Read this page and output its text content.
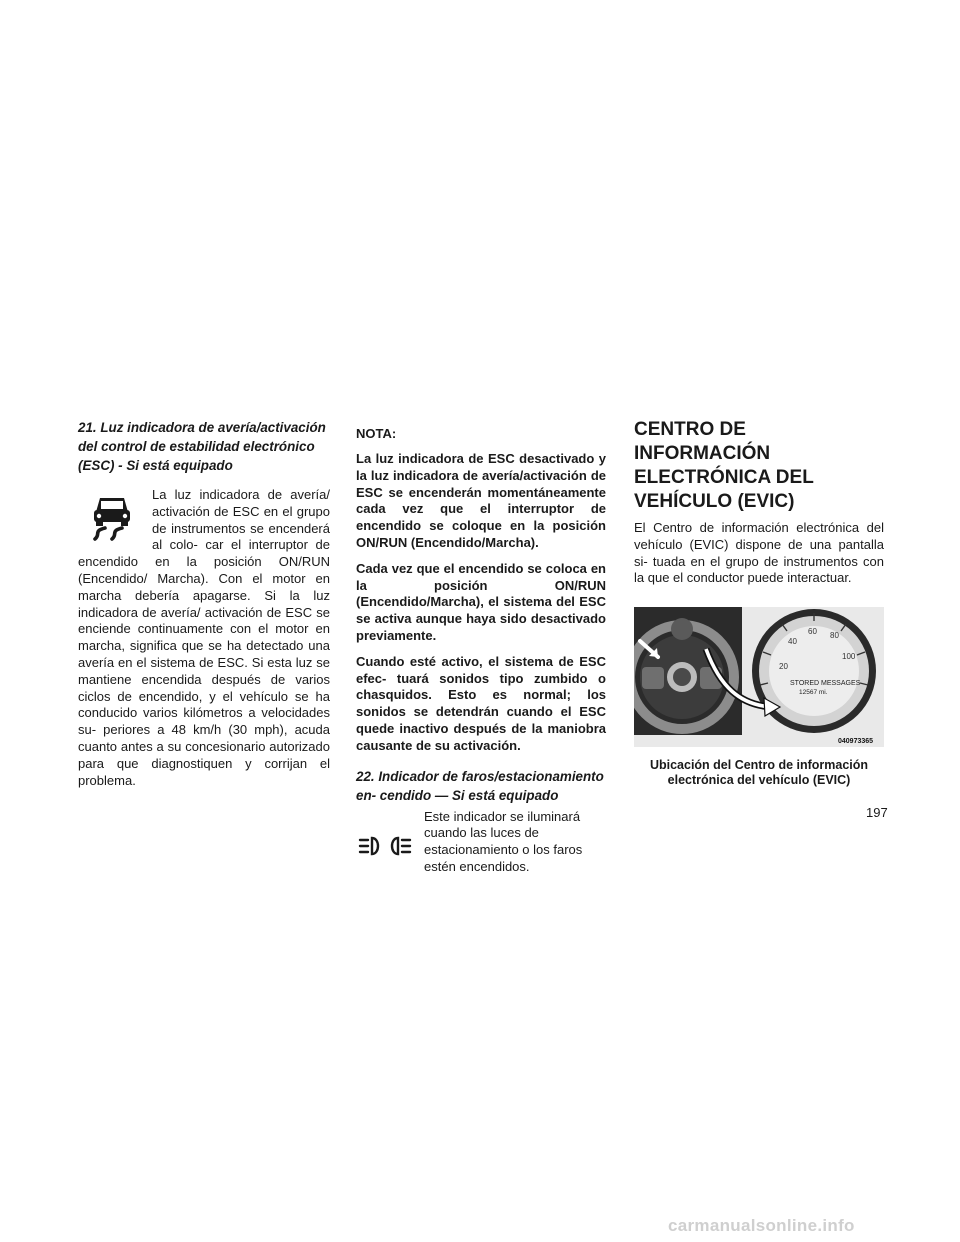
21. Luz indicadora de avería/activación del control de estabilidad electrónico (ESC) - Si está equipado

La luz indicadora de avería/ activación de ESC en el grupo de instrumentos se encenderá al colo- car el interruptor de encendido en la posición ON/RUN (Encendido/ Marcha). Con el motor en marcha debería apagarse. Si la luz indicadora de avería/ activación de ESC se enciende continuamente con el motor en marcha, significa que se ha detectado una avería en el sistema de ESC. Si esta luz se mantiene encendida después de varios ciclos de encendido, y el vehículo se ha conducido varios kilómetros a velocidades su- periores a 48 km/h (30 mph), acuda cuanto antes a su concesionario autorizado para que diagnostiquen y corrijan el problema.

NOTA:

La luz indicadora de ESC desactivado y la luz indicadora de avería/activación de ESC se encenderán momentáneamente cada vez que el interruptor de encendido se coloque en la posición ON/RUN (Encendido/Marcha).

Cada vez que el encendido se coloca en la posición ON/RUN (Encendido/Marcha), el sistema del ESC se activa aunque haya sido desactivado previamente.

Cuando esté activo, el sistema de ESC efec- tuará sonidos tipo zumbido o chasquidos. Esto es normal; los sonidos se detendrán cuando el ESC quede inactivo después de la maniobra causante de su activación.

22. Indicador de faros/estacionamiento en- cendido — Si está equipado

Este indicador se iluminará cuando las luces de estacionamiento o los faros estén encendidos.

CENTRO DE INFORMACIÓN ELECTRÓNICA DEL VEHÍCULO (EVIC)

El Centro de información electrónica del vehículo (EVIC) dispone de una pantalla si- tuada en el grupo de instrumentos con la que el conductor puede interactuar.

20
40
60 80
100
STORED MESSAGES
12567 mi.
040973365
Ubicación del Centro de información electrónica del vehículo (EVIC)
197
carmanualsonline.info
